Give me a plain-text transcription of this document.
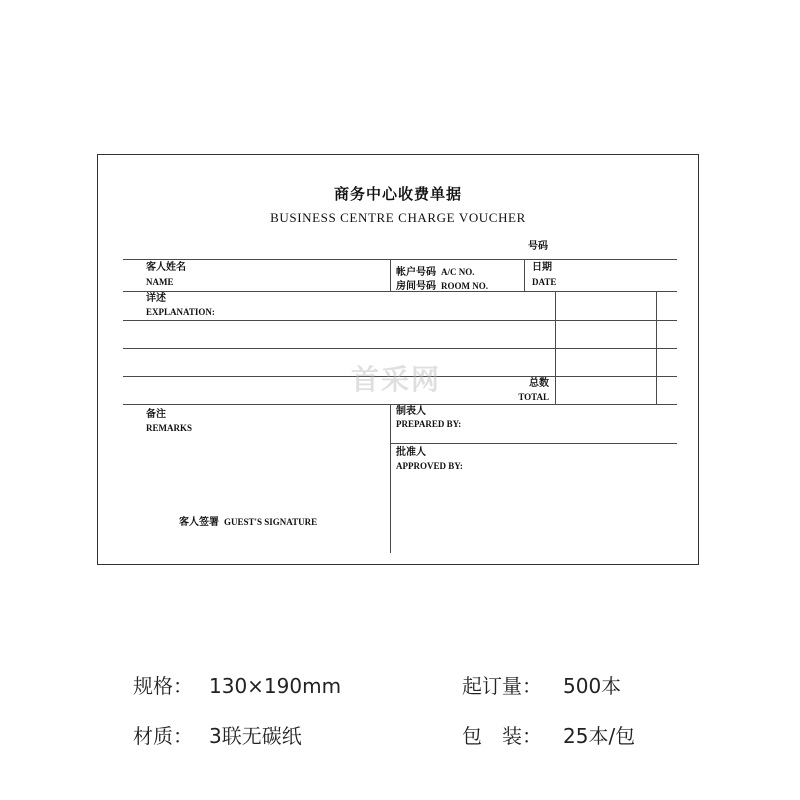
商务中心收费单据
BUSINESS CENTRE CHARGE VOUCHER
号码
客人姓名
NAME
帐户号码 A/C NO.
房间号码 ROOM NO.
日期
DATE
详述
EXPLANATION:
总数
TOTAL
备注
REMARKS
制表人
PREPARED BY:
批准人
APPROVED BY:
客人签署 GUEST'S SIGNATURE
首采网
规格： 130×190mm	起订量： 500本
材质： 3联无碳纸	包　装： 25本/包
